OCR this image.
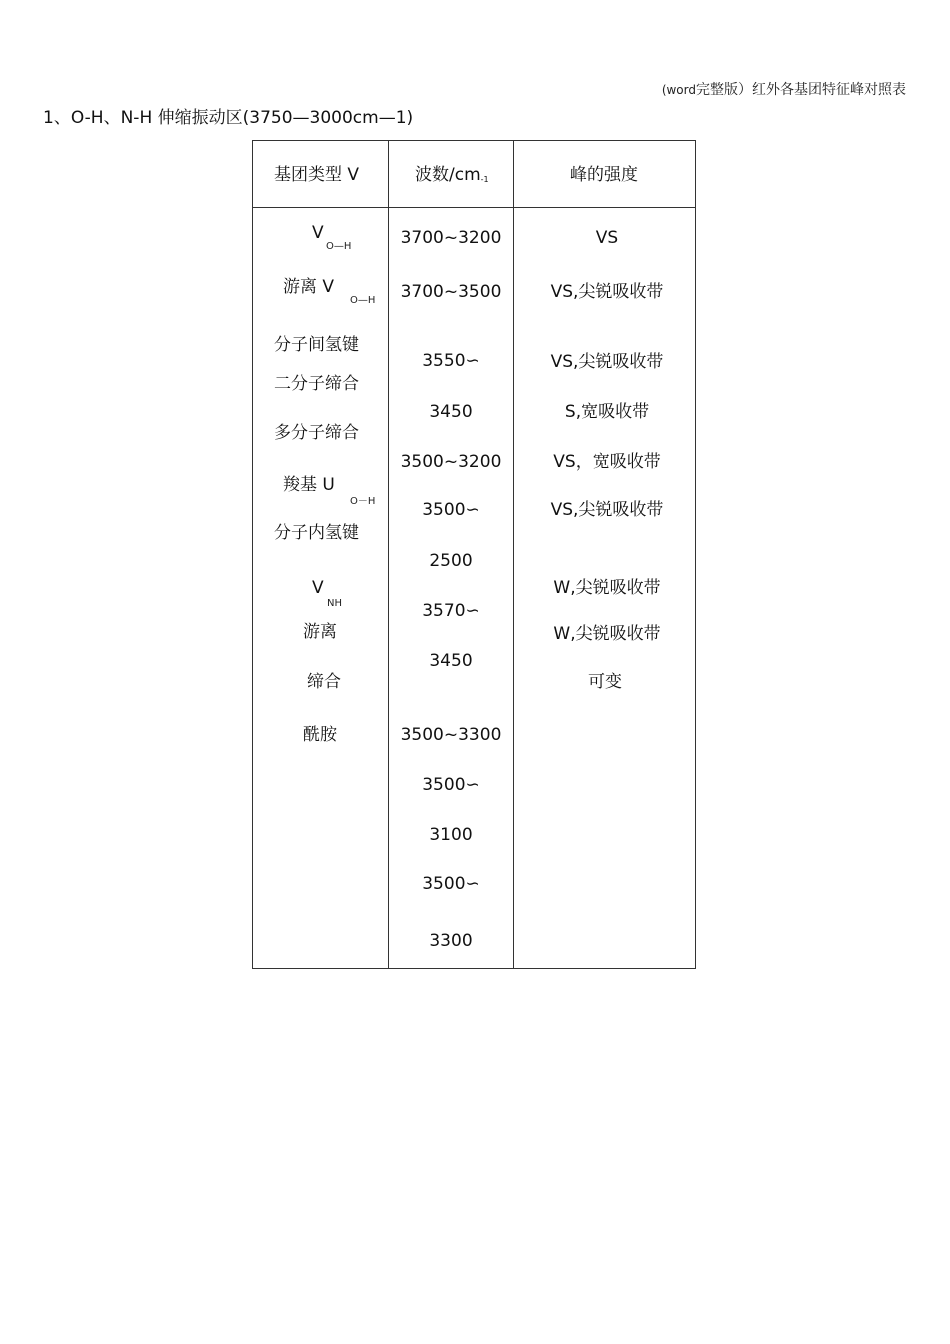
(word完整版）红外各基团特征峰对照表
1、O-H、N-H 伸缩振动区(3750—3000cm—1)
基团类型 V	波数/cm-1	峰的强度
V
O—H
游离 V
O—H
分子间氢键
二分子缔合
多分子缔合
羧基 U
O－H
分子内氢键
V
NH
游离
缔合
酰胺
3700~3200
3700~3500
3550∽
3450
3500~3200
3500∽
2500
3570∽
3450
3500~3300
3500∽
3100
3500∽
3300
VS
VS,尖锐吸收带
VS,尖锐吸收带
S,宽吸收带
VS，宽吸收带
VS,尖锐吸收带
W,尖锐吸收带
W,尖锐吸收带
可变
